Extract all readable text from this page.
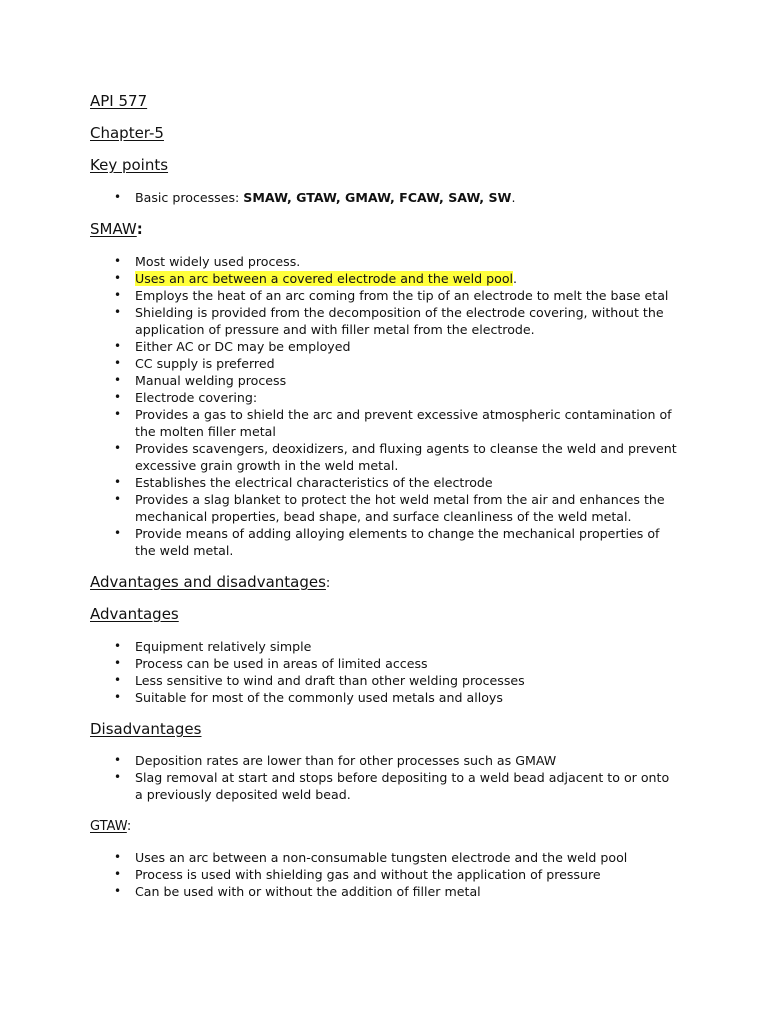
API 577
Chapter-5
Key points
• Basic processes: SMAW, GTAW, GMAW, FCAW, SAW, SW.
SMAW:
• Most widely used process.
• Uses an arc between a covered electrode and the weld pool.
• Employs the heat of an arc coming from the tip of an electrode to melt the base etal
• Shielding is provided from the decomposition of the electrode covering, without the application of pressure and with filler metal from the electrode.
• Either AC or DC may be employed
• CC supply is preferred
• Manual welding process
• Electrode covering:
• Provides a gas to shield the arc and prevent excessive atmospheric contamination of the molten filler metal
• Provides scavengers, deoxidizers, and fluxing agents to cleanse the weld and prevent excessive grain growth in the weld metal.
• Establishes the electrical characteristics of the electrode
• Provides a slag blanket to protect the hot weld metal from the air and enhances the mechanical properties, bead shape, and surface cleanliness of the weld metal.
• Provide means of adding alloying elements to change the mechanical properties of the weld metal.
Advantages and disadvantages:
Advantages
• Equipment relatively simple
• Process can be used in areas of limited access
• Less sensitive to wind and draft than other welding processes
• Suitable for most of the commonly used metals and alloys
Disadvantages
• Deposition rates are lower than for other processes such as GMAW
• Slag removal at start and stops before depositing to a weld bead adjacent to or onto a previously deposited weld bead.
GTAW:
• Uses an arc between a non-consumable tungsten electrode and the weld pool
• Process is used with shielding gas and without the application of pressure
• Can be used with or without the addition of filler metal
